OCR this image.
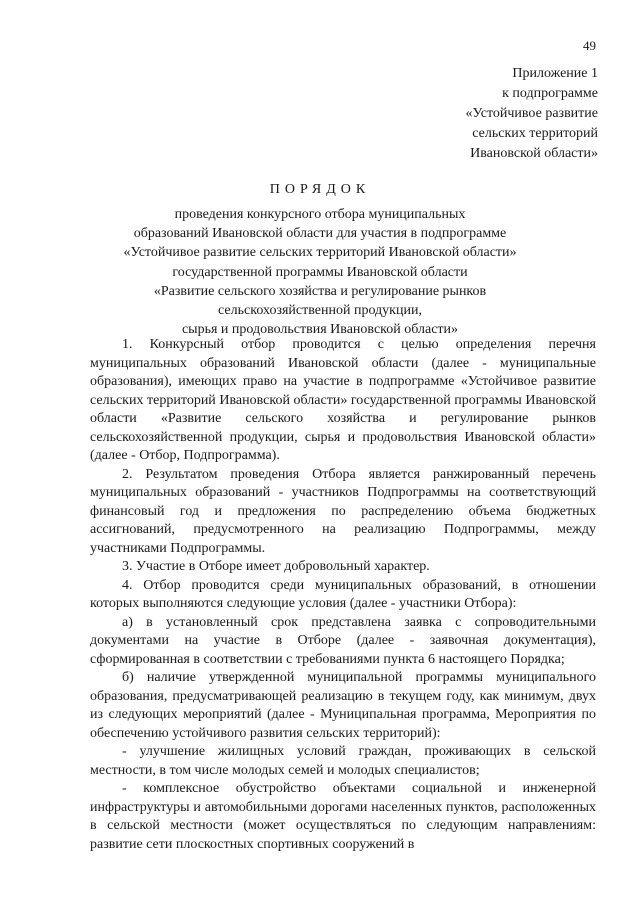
49
Приложение 1
к подпрограмме
«Устойчивое развитие
сельских территорий
Ивановской области»
ПОРЯДОК
проведения конкурсного отбора муниципальных
образований Ивановской области для участия в подпрограмме
«Устойчивое развитие сельских территорий Ивановской области»
государственной программы Ивановской области
«Развитие сельского хозяйства и регулирование рынков
сельскохозяйственной продукции,
сырья и продовольствия Ивановской области»

1. Конкурсный отбор проводится с целью определения перечня муниципальных образований Ивановской области (далее - муниципальные образования), имеющих право на участие в подпрограмме «Устойчивое развитие сельских территорий Ивановской области» государственной программы Ивановской области «Развитие сельского хозяйства и регулирование рынков сельскохозяйственной продукции, сырья и продовольствия Ивановской области» (далее - Отбор, Подпрограмма).

2. Результатом проведения Отбора является ранжированный перечень муниципальных образований - участников Подпрограммы на соответствующий финансовый год и предложения по распределению объема бюджетных ассигнований, предусмотренного на реализацию Подпрограммы, между участниками Подпрограммы.

3. Участие в Отборе имеет добровольный характер.

4. Отбор проводится среди муниципальных образований, в отношении которых выполняются следующие условия (далее - участники Отбора):

а) в установленный срок представлена заявка с сопроводительными документами на участие в Отборе (далее - заявочная документация), сформированная в соответствии с требованиями пункта 6 настоящего Порядка;

б) наличие утвержденной муниципальной программы муниципального образования, предусматривающей реализацию в текущем году, как минимум, двух из следующих мероприятий (далее - Муниципальная программа, Мероприятия по обеспечению устойчивого развития сельских территорий):

- улучшение жилищных условий граждан, проживающих в сельской местности, в том числе молодых семей и молодых специалистов;

- комплексное обустройство объектами социальной и инженерной инфраструктуры и автомобильными дорогами населенных пунктов, расположенных в сельской местности (может осуществляться по следующим направлениям: развитие сети плоскостных спортивных сооружений в
